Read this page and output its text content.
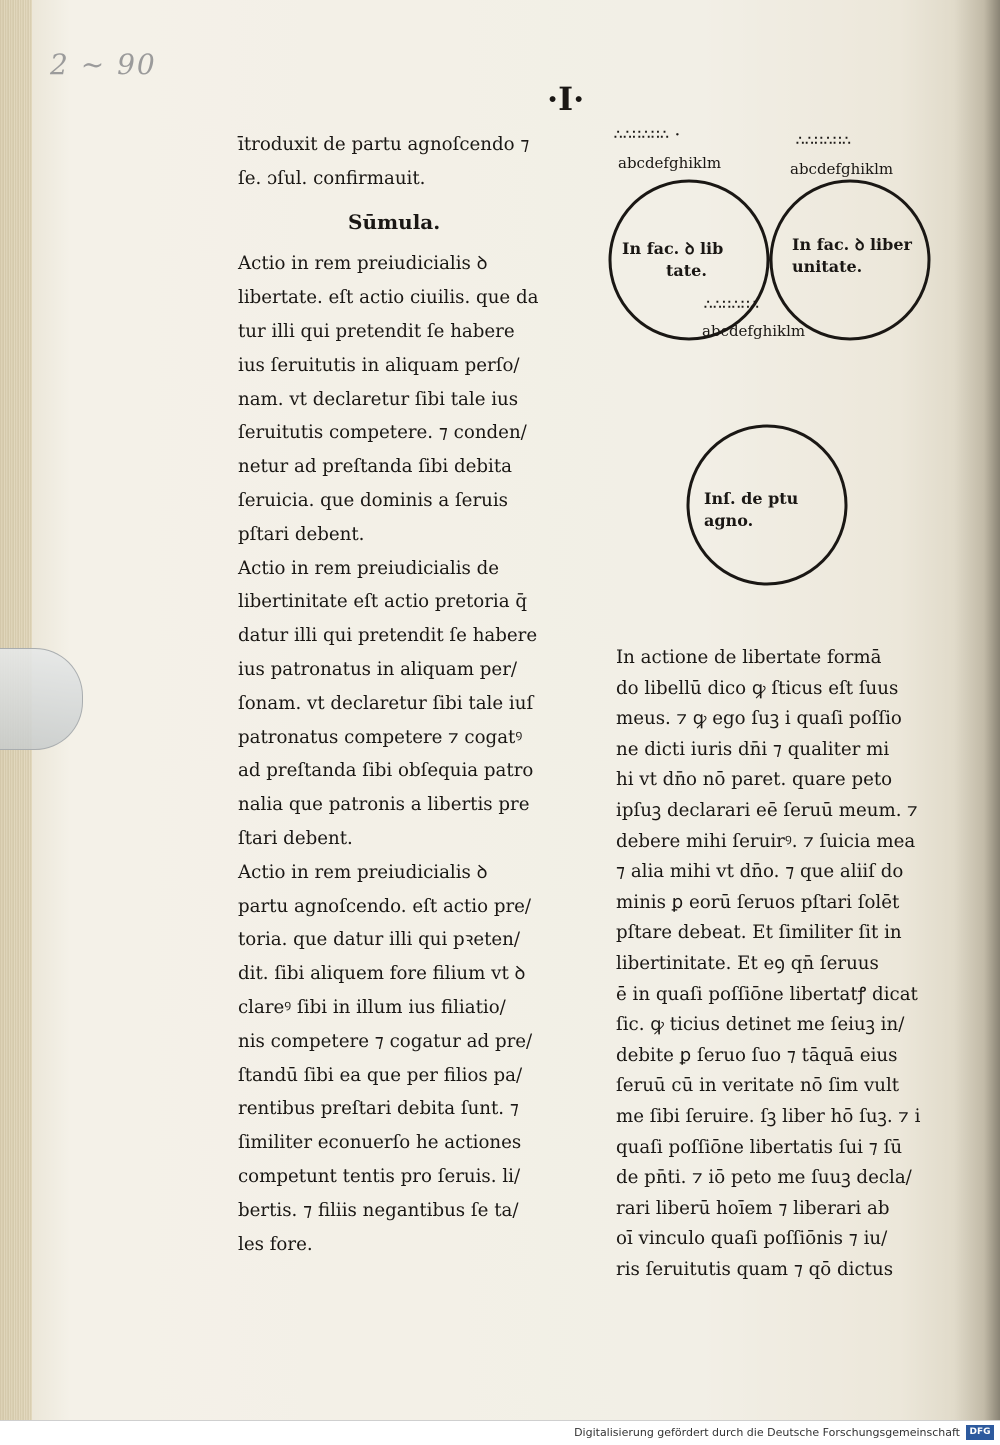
2 ~ 90
·I·
ītroduxit de partu agnoſcendo ⁊
ſe. ɔſul. confirmauit.
Sūmula.
Actio in rem preiudicialis ꝺ
libertate. eſt actio ciuilis. que da
tur illi qui pretendit ſe habere
ius ſeruitutis in aliquam perſo/
nam. vt declaretur ſibi tale ius
ſeruitutis competere. ⁊ conden/
netur ad preſtanda ſibi debita
ſeruicia. que dominis a ſeruis
pſtari debent.
Actio in rem preiudicialis de
libertinitate eſt actio pretoria q̄
datur illi qui pretendit ſe habere
ius patronatus in aliquam per/
ſonam. vt declaretur ſibi tale iuſ
patronatus competere ⁊ cogatꝰ
ad preſtanda ſibi obſequia patro
nalia que patronis a libertis pre
ſtari debent.
Actio in rem preiudicialis ꝺ
partu agnoſcendo. eſt actio pre/
toria. que datur illi qui pꝛeten/
dit. ſibi aliquem fore filium vt ꝺ
clareꝰ ſibi in illum ius filiatio/
nis competere ⁊ cogatur ad pre/
ſtandū ſibi ea que per filios pa/
rentibus preſtari debita ſunt. ⁊
ſimiliter econuerſo he actiones
competunt tentis pro ſeruis. li/
bertis. ⁊ filiis negantibus ſe ta/
les fore.
∴∴∷∴∷∴ ·	∴∴∷∴∷∴
abcdefghiklm	abcdefghiklm
In fac. ꝺ lib
tate.
In fac. ꝺ liber
unitate.
∴∴∷∴∷∴
abcdefghiklm
Inſ. de ptu
agno.
In actione de libertate formā
do libellū dico ꝙ ſticus eſt ſuus
meus. ⁊ ꝙ ego ſuꝫ i quaſi poſſio
ne dicti iuris dn̄i ⁊ qualiter mi
hi vt dn̄o nō paret. quare peto
ipſuꝫ declarari eē ſeruū meum. ⁊
debere mihi ſeruirꝰ. ⁊ ſuicia mea
⁊ alia mihi vt dn̄o. ⁊ que aliiſ do
minis ꝑ eorū ſeruos pſtari ſolēt
pſtare debeat. Et ſimiliter ſit in
libertinitate. Et eꝯ qn̄ ſeruus
ē in quaſi poſſiōne libertatꝭ dicat
ſic. ꝙ ticius detinet me ſeiuꝫ in/
debite ꝑ ſeruo ſuo ⁊ tāquā eius
ſeruū cū in veritate nō ſim vult
me ſibi ſeruire. ſꝫ liber hō ſuꝫ. ⁊ i
quaſi poſſiōne libertatis ſui ⁊ ſū
de pn̄ti. ⁊ iō peto me ſuuꝫ decla/
rari liberū hoīem ⁊ liberari ab
oī vinculo quaſi poſſiōnis ⁊ iu/
ris ſeruitutis quam ⁊ qō dictus
Digitalisierung gefördert durch die Deutsche Forschungsgemeinschaft	DFG
